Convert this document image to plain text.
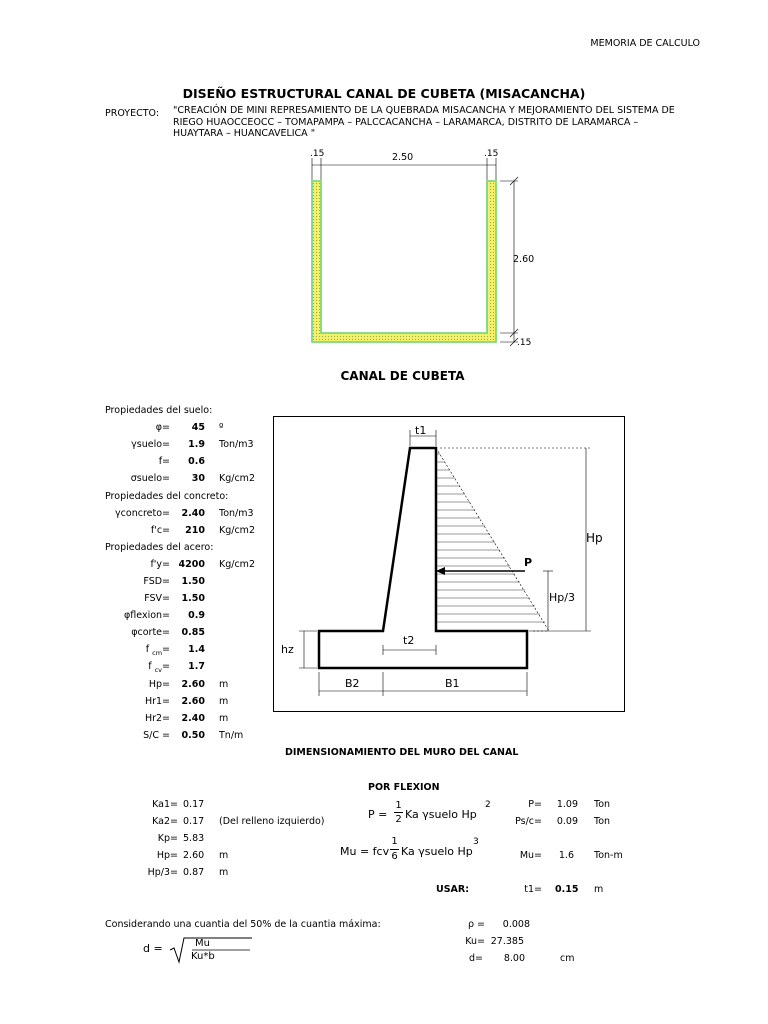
MEMORIA DE CALCULO
DISEÑO ESTRUCTURAL CANAL DE CUBETA (MISACANCHA)
PROYECTO: "CREACIÓN DE MINI REPRESAMIENTO DE LA QUEBRADA MISACANCHA Y MEJORAMIENTO DEL SISTEMA DE
RIEGO HUAOCCEOCC – TOMAPAMPA – PALCCACANCHA – LARAMARCA, DISTRITO DE LARAMARCA –
HUAYTARA – HUANCAVELICA "
.15	2.50	.15
2.60
.15
CANAL DE CUBETA
Propiedades del suelo:
Propiedades del concreto:
Propiedades del acero:
φ=	45 º
γsuelo=	1.9 Ton/m3
f=	0.6
σsuelo=	30 Kg/cm2
γconcreto=	2.40 Ton/m3
f'c=	210 Kg/cm2
f'y= 4200 Kg/cm2
FSD=	1.50
FSV=	1.50
φflexion=	0.9
φcorte=	0.85
f $_{cm}$=	1.4
f $_{cv}$=	1.7
Hp=	2.60 m
Hr1=	2.60 m
Hr2=	2.40 m
S/C =	0.50 Tn/m
t1
Hp
P
Hp/3
hz
t2
B2	B1
DIMENSIONAMIENTO DEL MURO DEL CANAL
POR FLEXION
Ka1= 0.17
Ka2= 0.17 (Del relleno izquierdo)
Kp= 5.83
Hp= 2.60 m
Hp/3= 0.87 m
P =
1
2 Ka γsuelo Hp
2
Mu = fcv
1
6 Ka γsuelo Hp
3
P=	1.09 Ton
Ps/c=	0.09 Ton
Mu=	1.6 Ton-m
USAR:	t1= 0.15 m
Considerando una cuantia del 50% de la cuantia máxima:
d =	Mu
Ku*b
ρ =	0.008
Ku= 27.385
d=	8.00	cm
